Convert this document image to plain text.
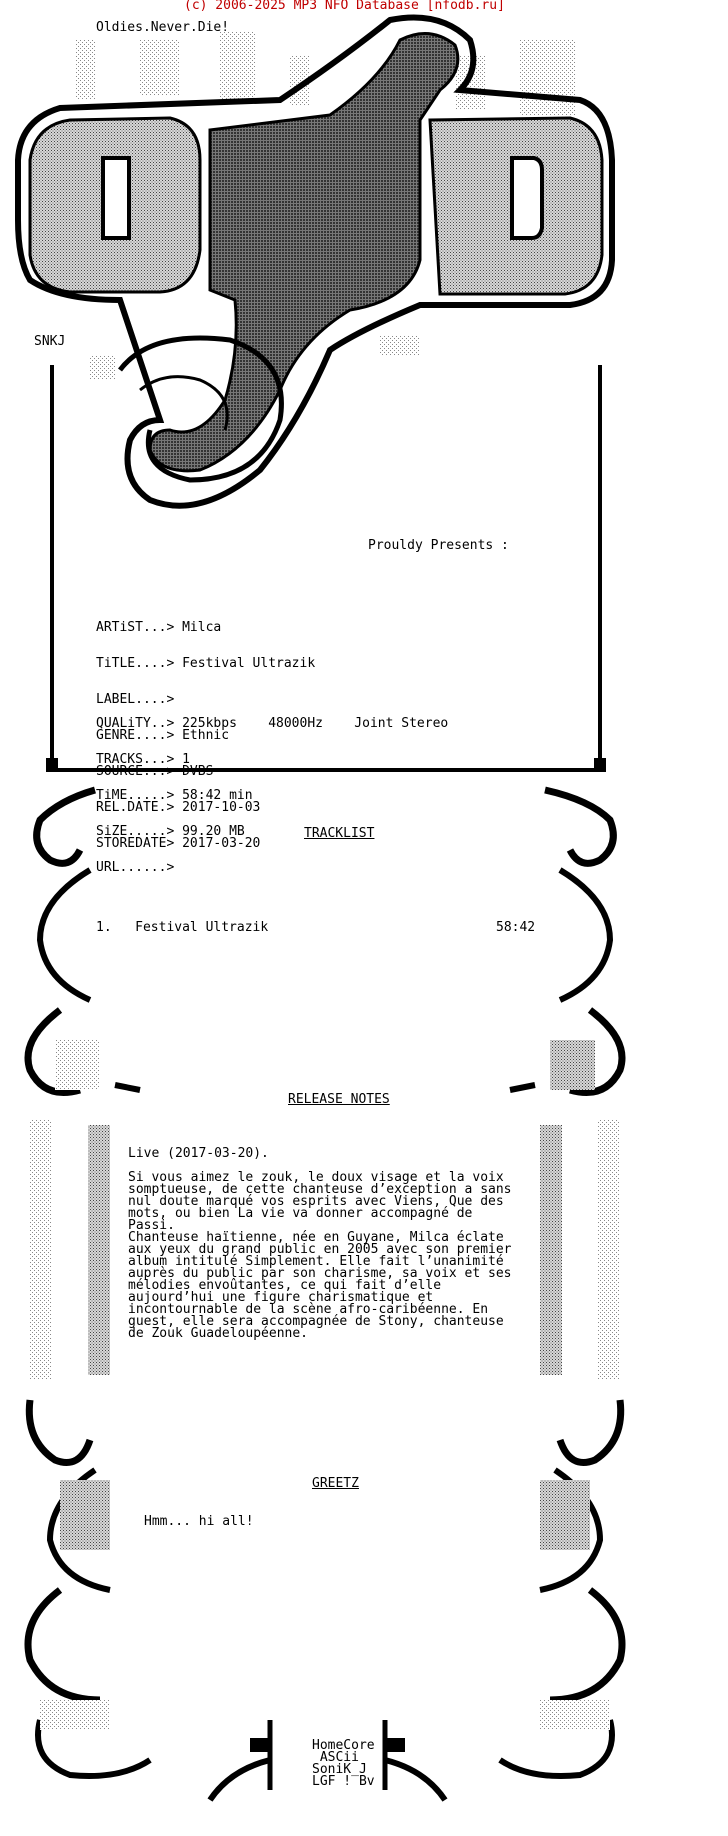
(c) 2006-2025 MP3 NFO Database [nfodb.ru]
Oldies.Never.Die!
SNKJ
Prouldy Presents :

ARTiST...> Milca

TiTLE....> Festival Ultrazik

LABEL....>

GENRE....> Ethnic

SOURCE...> DVBS

REL.DATE.> 2017-10-03

STOREDATE> 2017-03-20

QUALiTY..> 225kbps    48000Hz    Joint Stereo

TRACKS...> 1

TiME.....> 58:42 min

SiZE.....> 99.20 MB

URL......>

TRACKLIST
1. Festival Ultrazik	58:42
RELEASE NOTES
Live (2017-03-20).

Si vous aimez le zouk, le doux visage et la voix
somptueuse, de cette chanteuse d’exception a sans
nul doute marqué vos esprits avec Viens, Que des
mots, ou bien La vie va donner accompagné de
Passi.
Chanteuse haïtienne, née en Guyane, Milca éclate
aux yeux du grand public en 2005 avec son premier
album intitulé Simplement. Elle fait l’unanimité
auprès du public par son charisme, sa voix et ses
mélodies envoûtantes, ce qui fait d’elle
aujourd’hui une figure charismatique et
incontournable de la scène afro-caribéenne. En
guest, elle sera accompagnée de Stony, chanteuse
de Zouk Guadeloupéenne.
GREETZ
Hmm... hi all!
HomeCore
ASCii
SoniK_J
LGF ! Bv
